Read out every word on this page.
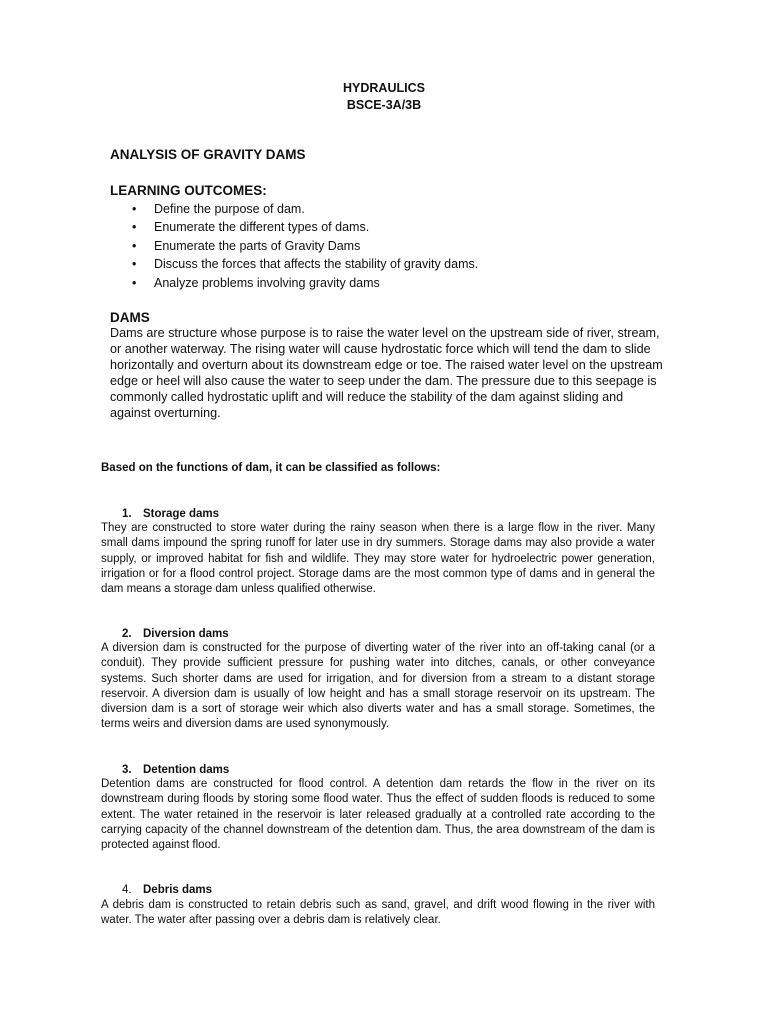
HYDRAULICS
BSCE-3A/3B
ANALYSIS OF GRAVITY DAMS
LEARNING OUTCOMES:
• Define the purpose of dam.
• Enumerate the different types of dams.
• Enumerate the parts of Gravity Dams
• Discuss the forces that affects the stability of gravity dams.
• Analyze problems involving gravity dams
DAMS

Dams are structure whose purpose is to raise the water level on the upstream side of river, stream, or another waterway. The rising water will cause hydrostatic force which will tend the dam to slide horizontally and overturn about its downstream edge or toe. The raised water level on the upstream edge or heel will also cause the water to seep under the dam. The pressure due to this seepage is commonly called hydrostatic uplift and will reduce the stability of the dam against sliding and against overturning.

Based on the functions of dam, it can be classified as follows:
1. Storage dams

They are constructed to store water during the rainy season when there is a large flow in the river. Many small dams impound the spring runoff for later use in dry summers. Storage dams may also provide a water supply, or improved habitat for fish and wildlife. They may store water for hydroelectric power generation, irrigation or for a flood control project. Storage dams are the most common type of dams and in general the dam means a storage dam unless qualified otherwise.

2. Diversion dams

A diversion dam is constructed for the purpose of diverting water of the river into an off-taking canal (or a conduit). They provide sufficient pressure for pushing water into ditches, canals, or other conveyance systems. Such shorter dams are used for irrigation, and for diversion from a stream to a distant storage reservoir. A diversion dam is usually of low height and has a small storage reservoir on its upstream. The diversion dam is a sort of storage weir which also diverts water and has a small storage. Sometimes, the terms weirs and diversion dams are used synonymously.

3. Detention dams

Detention dams are constructed for flood control. A detention dam retards the flow in the river on its downstream during floods by storing some flood water. Thus the effect of sudden floods is reduced to some extent. The water retained in the reservoir is later released gradually at a controlled rate according to the carrying capacity of the channel downstream of the detention dam. Thus, the area downstream of the dam is protected against flood.

4. Debris dams

A debris dam is constructed to retain debris such as sand, gravel, and drift wood flowing in the river with water. The water after passing over a debris dam is relatively clear.
